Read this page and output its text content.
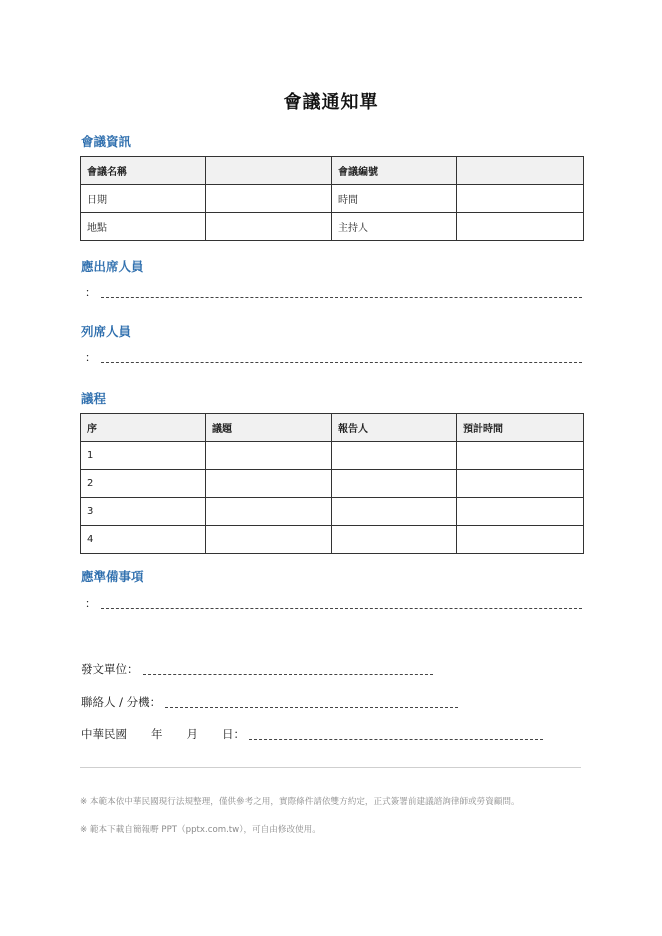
會議通知單
會議資訊
會議名稱		會議編號	
日期		時間	
地點		主持人	
應出席人員
：
列席人員
：
議程
序	議題	報告人	預計時間
1			
2			
3			
4			
應準備事項
：
發文單位：
聯絡人 / 分機：
中華民國 年 月 日：
※ 本範本依中華民國現行法規整理，僅供參考之用，實際條件請依雙方約定，正式簽署前建議諮詢律師或勞資顧問。
※ 範本下載自簡報嘢 PPT（pptx.com.tw），可自由修改使用。
